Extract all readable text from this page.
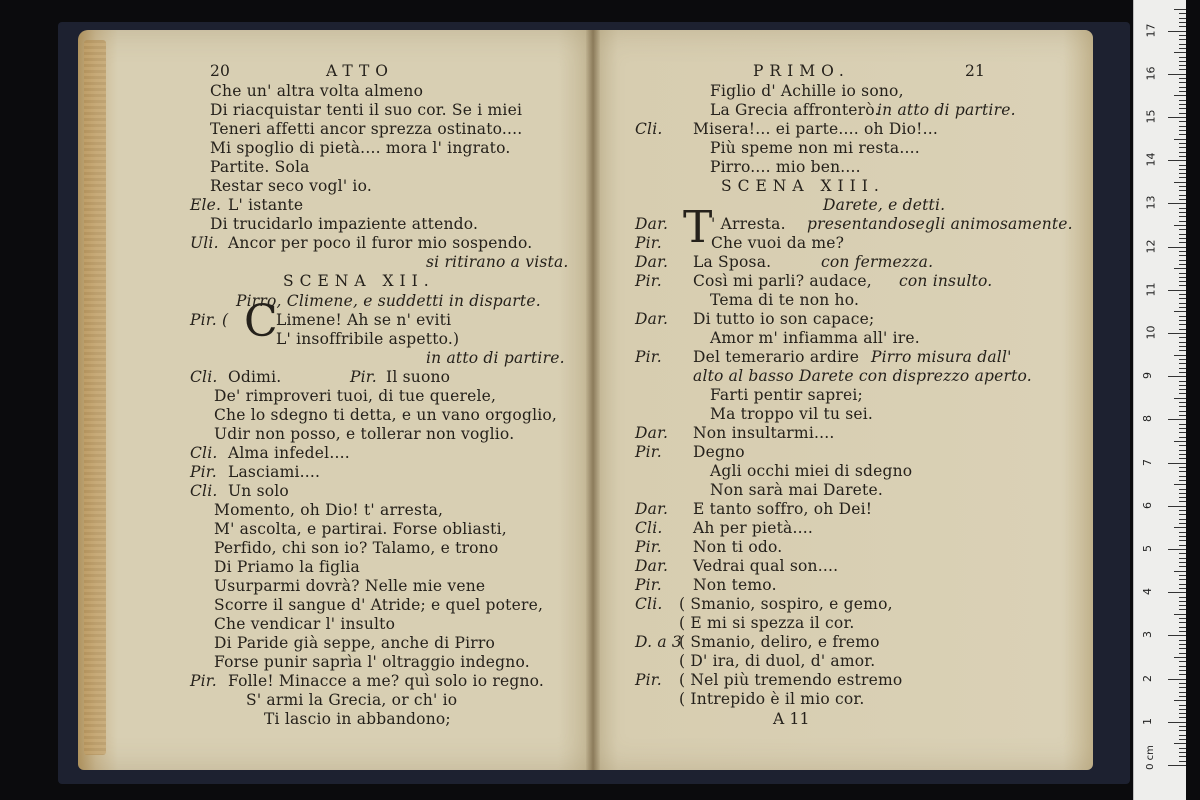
20	ATTO
Che un' altra volta almeno
Di riacquistar tenti il suo cor. Se i miei
Teneri affetti ancor sprezza ostinato....
Mi spoglio di pietà.... mora l' ingrato.
Partite. Sola
Restar seco vogl' io.
Ele. L' istante
Di trucidarlo impaziente attendo.
Uli. Ancor per poco il furor mio sospendo.
si ritirano a vista.
SCENA XII.
Pirro, Climene, e suddetti in disparte.
Pir. ( C
Limene! Ah se n' eviti
L' insoffribile aspetto.)
in atto di partire.
Cli. Odimi.	Pir. Il suono
De' rimproveri tuoi, di tue querele,
Che lo sdegno ti detta, e un vano orgoglio,
Udir non posso, e tollerar non voglio.
Cli. Alma infedel....
Pir. Lasciami....
Cli. Un solo
Momento, oh Dio! t' arresta,
M' ascolta, e partirai. Forse obliasti,
Perfido, chi son io? Talamo, e trono
Di Priamo la figlia
Usurparmi dovrà? Nelle mie vene
Scorre il sangue d' Atride; e quel potere,
Che vendicar l' insulto
Di Paride già seppe, anche di Pirro
Forse punir saprìa l' oltraggio indegno.
Pir. Folle! Minacce a me? quì solo io regno.
S' armi la Grecia, or ch' io
Ti lascio in abbandono;
PRIMO.	21
Figlio d' Achille io sono,
La Grecia affronterò.
in atto di partire.
Cli. Misera!... ei parte.... oh Dio!...
Più speme non mi resta....
Pirro.... mio ben....
SCENA XIII.
Darete, e detti.
Dar. T
' Arresta. presentandosegli animosamente.
Pir.	Che vuoi da me?
Dar. La Sposa.	con fermezza.
Pir. Così mi parli? audace, con insulto.
Tema di te non ho.
Dar. Di tutto io son capace;
Amor m' infiamma all' ire.
Pir. Del temerario ardire Pirro misura dall'
alto al basso Darete con disprezzo aperto.
Farti pentir saprei;
Ma troppo vil tu sei.
Dar. Non insultarmi....
Pir. Degno
Agli occhi miei di sdegno
Non sarà mai Darete.
Dar. E tanto soffro, oh Dei!
Cli. Ah per pietà....
Pir. Non ti odo.
Dar. Vedrai qual son....
Pir. Non temo.
Cli. ( Smanio, sospiro, e gemo,
( E mi si spezza il cor.
D. a 3
( Smanio, deliro, e fremo
( D' ira, di duol, d' amor.
Pir. ( Nel più tremendo estremo
( Intrepido è il mio cor.
A 11
0 cm
1
2
3
4
5
6
7
8
9
10
11
12
13
14
15
16
17
